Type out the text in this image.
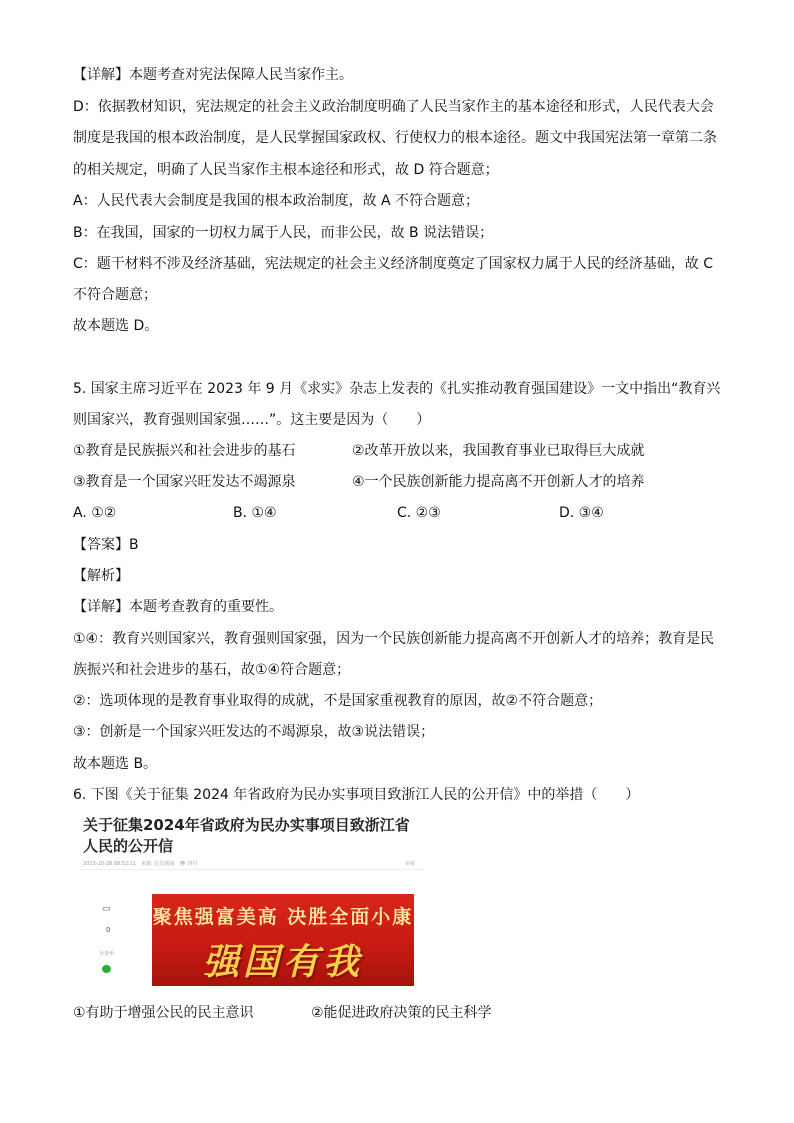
【详解】本题考查对宪法保障人民当家作主。
D：依据教材知识，宪法规定的社会主义政治制度明确了人民当家作主的基本途径和形式，人民代表大会
制度是我国的根本政治制度，是人民掌握国家政权、行使权力的根本途径。题文中我国宪法第一章第二条
的相关规定，明确了人民当家作主根本途径和形式，故 D 符合题意；
A：人民代表大会制度是我国的根本政治制度，故 A 不符合题意；
B：在我国，国家的一切权力属于人民，而非公民，故 B 说法错误；
C：题干材料不涉及经济基础，宪法规定的社会主义经济制度奠定了国家权力属于人民的经济基础，故 C
不符合题意；
故本题选 D。
5. 国家主席习近平在 2023 年 9 月《求实》杂志上发表的《扎实推动教育强国建设》一文中指出“教育兴
则国家兴，教育强则国家强……”。这主要是因为（　　）
【答案】B
【解析】
【详解】本题考查教育的重要性。
①④：教育兴则国家兴，教育强则国家强，因为一个民族创新能力提高离不开创新人才的培养；教育是民
族振兴和社会进步的基石，故①④符合题意；
②：选项体现的是教育事业取得的成就，不是国家重视教育的原因，故②不符合题意；
③：创新是一个国家兴旺发达的不竭源泉，故③说法错误；
故本题选 B。
6. 下图《关于征集 2024 年省政府为民办实事项目致浙江人民的公开信》中的举措（　　）
①教育是民族振兴和社会进步的基石	②改革开放以来，我国教育事业已取得巨大成就
③教育是一个国家兴旺发达不竭源泉	④一个民族创新能力提高离不开创新人才的培养
①有助于增强公民的民主意识	②能促进政府决策的民主科学
A. ①②	B. ①④	C. ②③	D. ③④
关于征集2024年省政府为民办实事项目致浙江省
人民的公开信
2023-10-28 08:52:11　来源: 信息新闻　👁 四川	举报
▭
0
分享至
聚焦强富美高 决胜全面小康
强国有我
